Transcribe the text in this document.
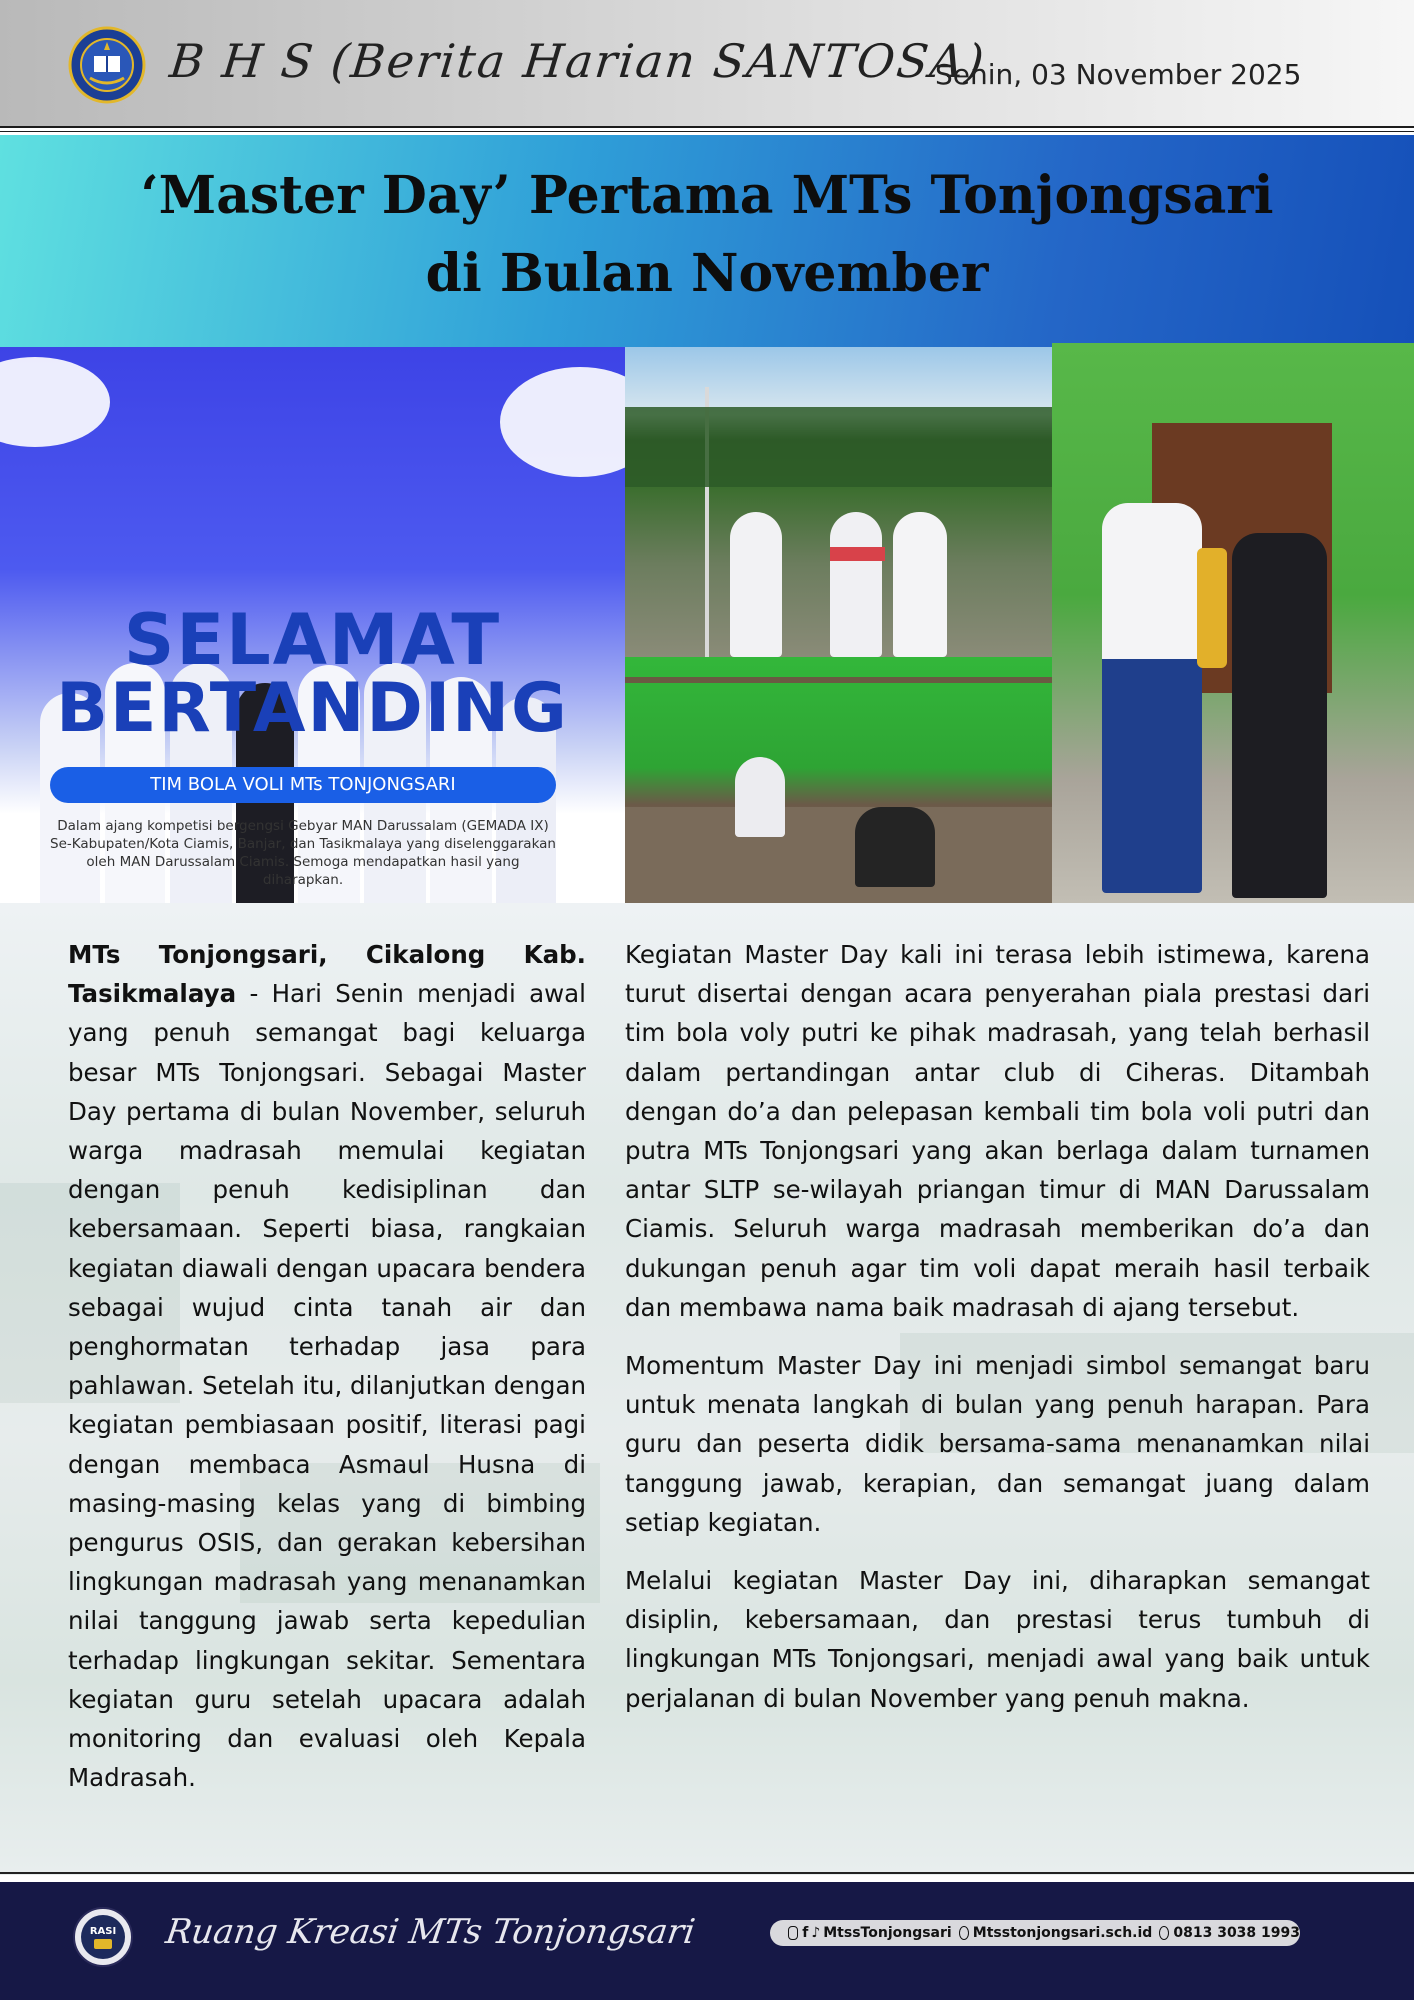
B H S (Berita Harian SANTOSA)
Senin, 03 November 2025
‘Master Day’ Pertama MTs Tonjongsari
di Bulan November
SELAMAT
BERTANDING
TIM BOLA VOLI MTs TONJONGSARI
Dalam ajang kompetisi bergengsi Gebyar MAN Darussalam (GEMADA IX) Se-Kabupaten/Kota Ciamis, Banjar, dan Tasikmalaya yang diselenggarakan oleh MAN Darussalam Ciamis. Semoga mendapatkan hasil yang diharapkan.

MTs Tonjongsari, Cikalong Kab. Tasikmalaya - Hari Senin menjadi awal yang penuh semangat bagi keluarga besar MTs Tonjongsari. Sebagai Master Day pertama di bulan November, seluruh warga madrasah memulai kegiatan dengan penuh kedisiplinan dan kebersamaan. Seperti biasa, rangkaian kegiatan diawali dengan upacara bendera sebagai wujud cinta tanah air dan penghormatan terhadap jasa para pahlawan. Setelah itu, dilanjutkan dengan kegiatan pembiasaan positif, literasi pagi dengan membaca Asmaul Husna di masing-masing kelas yang di bimbing pengurus OSIS, dan gerakan kebersihan lingkungan madrasah yang menanamkan nilai tanggung jawab serta kepedulian terhadap lingkungan sekitar. Sementara kegiatan guru setelah upacara adalah monitoring dan evaluasi oleh Kepala Madrasah.

Kegiatan Master Day kali ini terasa lebih istimewa, karena turut disertai dengan acara penyerahan piala prestasi dari tim bola voly putri ke pihak madrasah, yang telah berhasil dalam pertandingan antar club di Ciheras. Ditambah dengan do’a dan pelepasan kembali tim bola voli putri dan putra MTs Tonjongsari yang akan berlaga dalam turnamen antar SLTP se-wilayah priangan timur di MAN Darussalam Ciamis. Seluruh warga madrasah memberikan do’a dan dukungan penuh agar tim voli dapat meraih hasil terbaik dan membawa nama baik madrasah di ajang tersebut.

Momentum Master Day ini menjadi simbol semangat baru untuk menata langkah di bulan yang penuh harapan. Para guru dan peserta didik bersama-sama menanamkan nilai tanggung jawab, kerapian, dan semangat juang dalam setiap kegiatan.

Melalui kegiatan Master Day ini, diharapkan semangat disiplin, kebersamaan, dan prestasi terus tumbuh di lingkungan MTs Tonjongsari, menjadi awal yang baik untuk perjalanan di bulan November yang penuh makna.

RASI Ruang Kreasi MTs Tonjongsari	f ♪ MtssTonjongsari Mtsstonjongsari.sch.id 0813 3038 1993
